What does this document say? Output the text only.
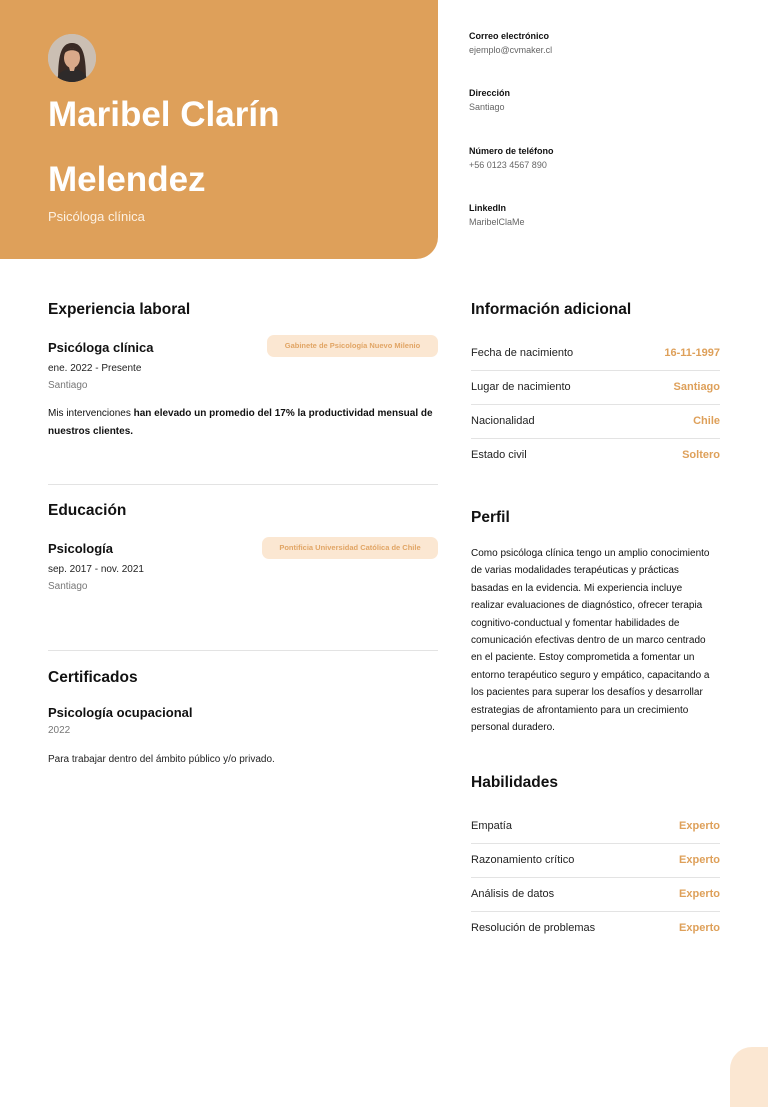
Maribel Clarín
Melendez
Psicóloga clínica
Correo electrónico
ejemplo@cvmaker.cl
Dirección
Santiago
Número de teléfono
+56 0123 4567 890
LinkedIn
MaribelClaMe
Experiencia laboral
Psicóloga clínica	Gabinete de Psicología Nuevo Milenio
ene. 2022 - Presente
Santiago
Mis intervenciones han elevado un promedio del 17% la productividad mensual de
nuestros clientes.
Educación
Psicología	Pontificia Universidad Católica de Chile
sep. 2017 - nov. 2021
Santiago
Certificados
Psicología ocupacional
2022
Para trabajar dentro del ámbito público y/o privado.
Información adicional
Fecha de nacimiento	16-11-1997
Lugar de nacimiento	Santiago
Nacionalidad	Chile
Estado civil	Soltero
Perfil
Como psicóloga clínica tengo un amplio conocimiento
de varias modalidades terapéuticas y prácticas
basadas en la evidencia. Mi experiencia incluye
realizar evaluaciones de diagnóstico, ofrecer terapia
cognitivo-conductual y fomentar habilidades de
comunicación efectivas dentro de un marco centrado
en el paciente. Estoy comprometida a fomentar un
entorno terapéutico seguro y empático, capacitando a
los pacientes para superar los desafíos y desarrollar
estrategias de afrontamiento para un crecimiento
personal duradero.
Habilidades
Empatía	Experto
Razonamiento crítico	Experto
Análisis de datos	Experto
Resolución de problemas	Experto
